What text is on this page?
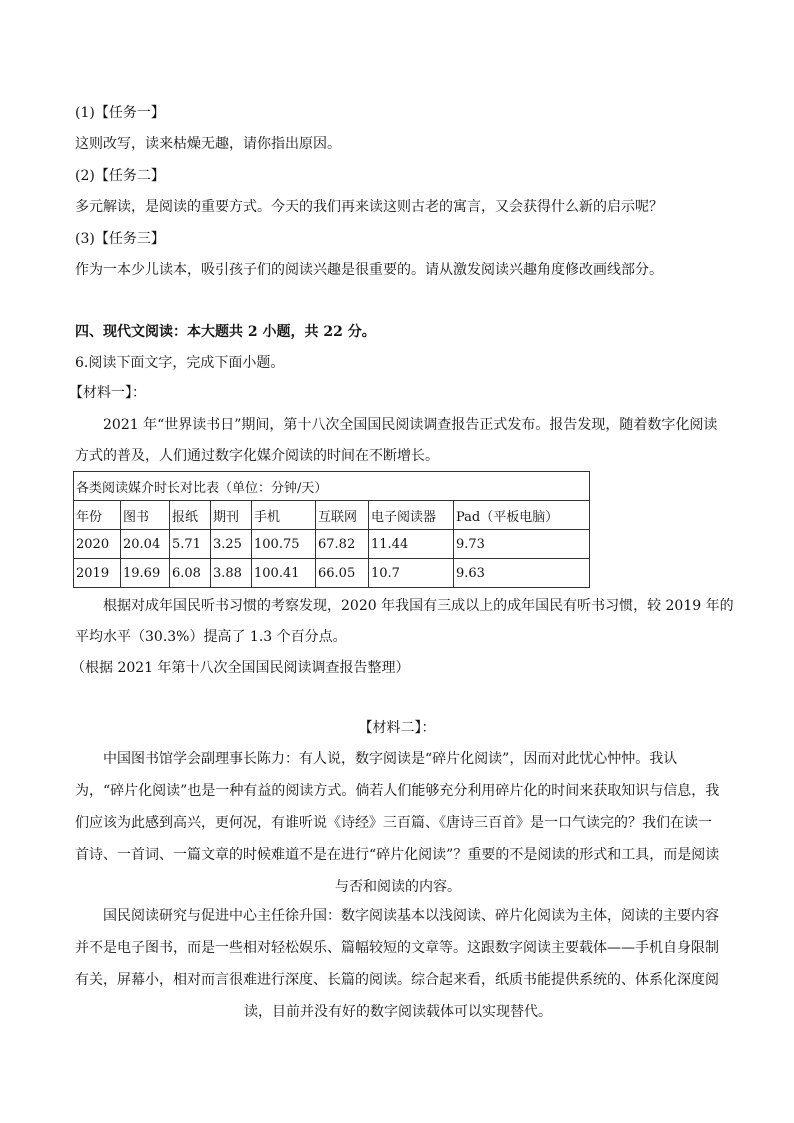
(1)【任务一】
这则改写，读来枯燥无趣，请你指出原因。
(2)【任务二】
多元解读，是阅读的重要方式。今天的我们再来读这则古老的寓言，又会获得什么新的启示呢？
(3)【任务三】
作为一本少儿读本，吸引孩子们的阅读兴趣是很重要的。请从激发阅读兴趣角度修改画线部分。
四、现代文阅读：本大题共 2 小题，共 22 分。
6.阅读下面文字，完成下面小题。
【材料一】：
2021 年“世界读书日”期间，第十八次全国国民阅读调查报告正式发布。报告发现，随着数字化阅读
方式的普及，人们通过数字化媒介阅读的时间在不断增长。
各类阅读媒介时长对比表（单位：分钟/天）							
年份	图书	报纸	期刊	手机	互联网	电子阅读器	Pad（平板电脑）
2020	20.04	5.71	3.25	100.75	67.82	11.44	9.73
2019	19.69	6.08	3.88	100.41	66.05	10.7	9.63
根据对成年国民听书习惯的考察发现，2020 年我国有三成以上的成年国民有听书习惯，较 2019 年的
平均水平（30.3%）提高了 1.3 个百分点。
（根据 2021 年第十八次全国国民阅读调查报告整理）
【材料二】：
中国图书馆学会副理事长陈力：有人说，数字阅读是“碎片化阅读”，因而对此忧心忡忡。我认为，“碎片化阅读”也是一种有益的阅读方式。倘若人们能够充分利用碎片化的时间来获取知识与信息，我们应该为此感到高兴，更何况，有谁听说《诗经》三百篇、《唐诗三百首》是一口气读完的？我们在读一首诗、一首词、一篇文章的时候难道不是在进行“碎片化阅读”？重要的不是阅读的形式和工具，而是阅读与否和阅读的内容。
国民阅读研究与促进中心主任徐升国：数字阅读基本以浅阅读、碎片化阅读为主体，阅读的主要内容并不是电子图书，而是一些相对轻松娱乐、篇幅较短的文章等。这跟数字阅读主要载体——手机自身限制有关，屏幕小，相对而言很难进行深度、长篇的阅读。综合起来看，纸质书能提供系统的、体系化深度阅读，目前并没有好的数字阅读载体可以实现替代。
